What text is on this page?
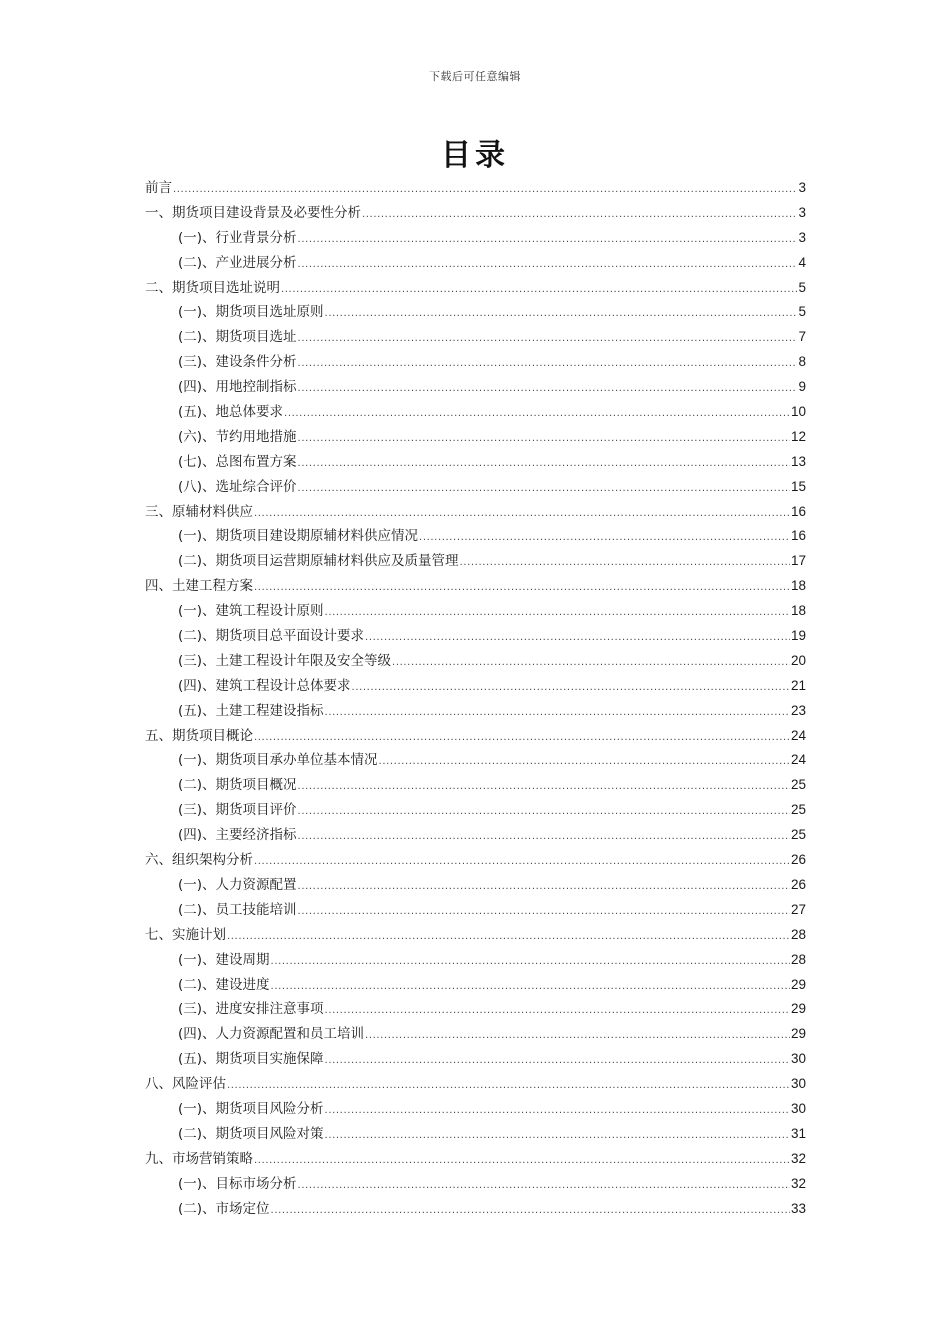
下载后可任意编辑
目录
前言 .....	3
一、期货项目建设背景及必要性分析 .....	3
(一)、行业背景分析 .....	3
(二)、产业进展分析 .....	4
二、期货项目选址说明 .....	5
(一)、期货项目选址原则 .....	5
(二)、期货项目选址 .....	7
(三)、建设条件分析 .....	8
(四)、用地控制指标 .....	9
(五)、地总体要求 .....	10
(六)、节约用地措施 .....	12
(七)、总图布置方案 .....	13
(八)、选址综合评价 .....	15
三、原辅材料供应 .....	16
(一)、期货项目建设期原辅材料供应情况 .....	16
(二)、期货项目运营期原辅材料供应及质量管理 .....	17
四、土建工程方案 .....	18
(一)、建筑工程设计原则 .....	18
(二)、期货项目总平面设计要求 .....	19
(三)、土建工程设计年限及安全等级 .....	20
(四)、建筑工程设计总体要求 .....	21
(五)、土建工程建设指标 .....	23
五、期货项目概论 .....	24
(一)、期货项目承办单位基本情况 .....	24
(二)、期货项目概况 .....	25
(三)、期货项目评价 .....	25
(四)、主要经济指标 .....	25
六、组织架构分析 .....	26
(一)、人力资源配置 .....	26
(二)、员工技能培训 .....	27
七、实施计划 .....	28
(一)、建设周期 .....	28
(二)、建设进度 .....	29
(三)、进度安排注意事项 .....	29
(四)、人力资源配置和员工培训 .....	29
(五)、期货项目实施保障 .....	30
八、风险评估 .....	30
(一)、期货项目风险分析 .....	30
(二)、期货项目风险对策 .....	31
九、市场营销策略 .....	32
(一)、目标市场分析 .....	32
(二)、市场定位 .....	33
